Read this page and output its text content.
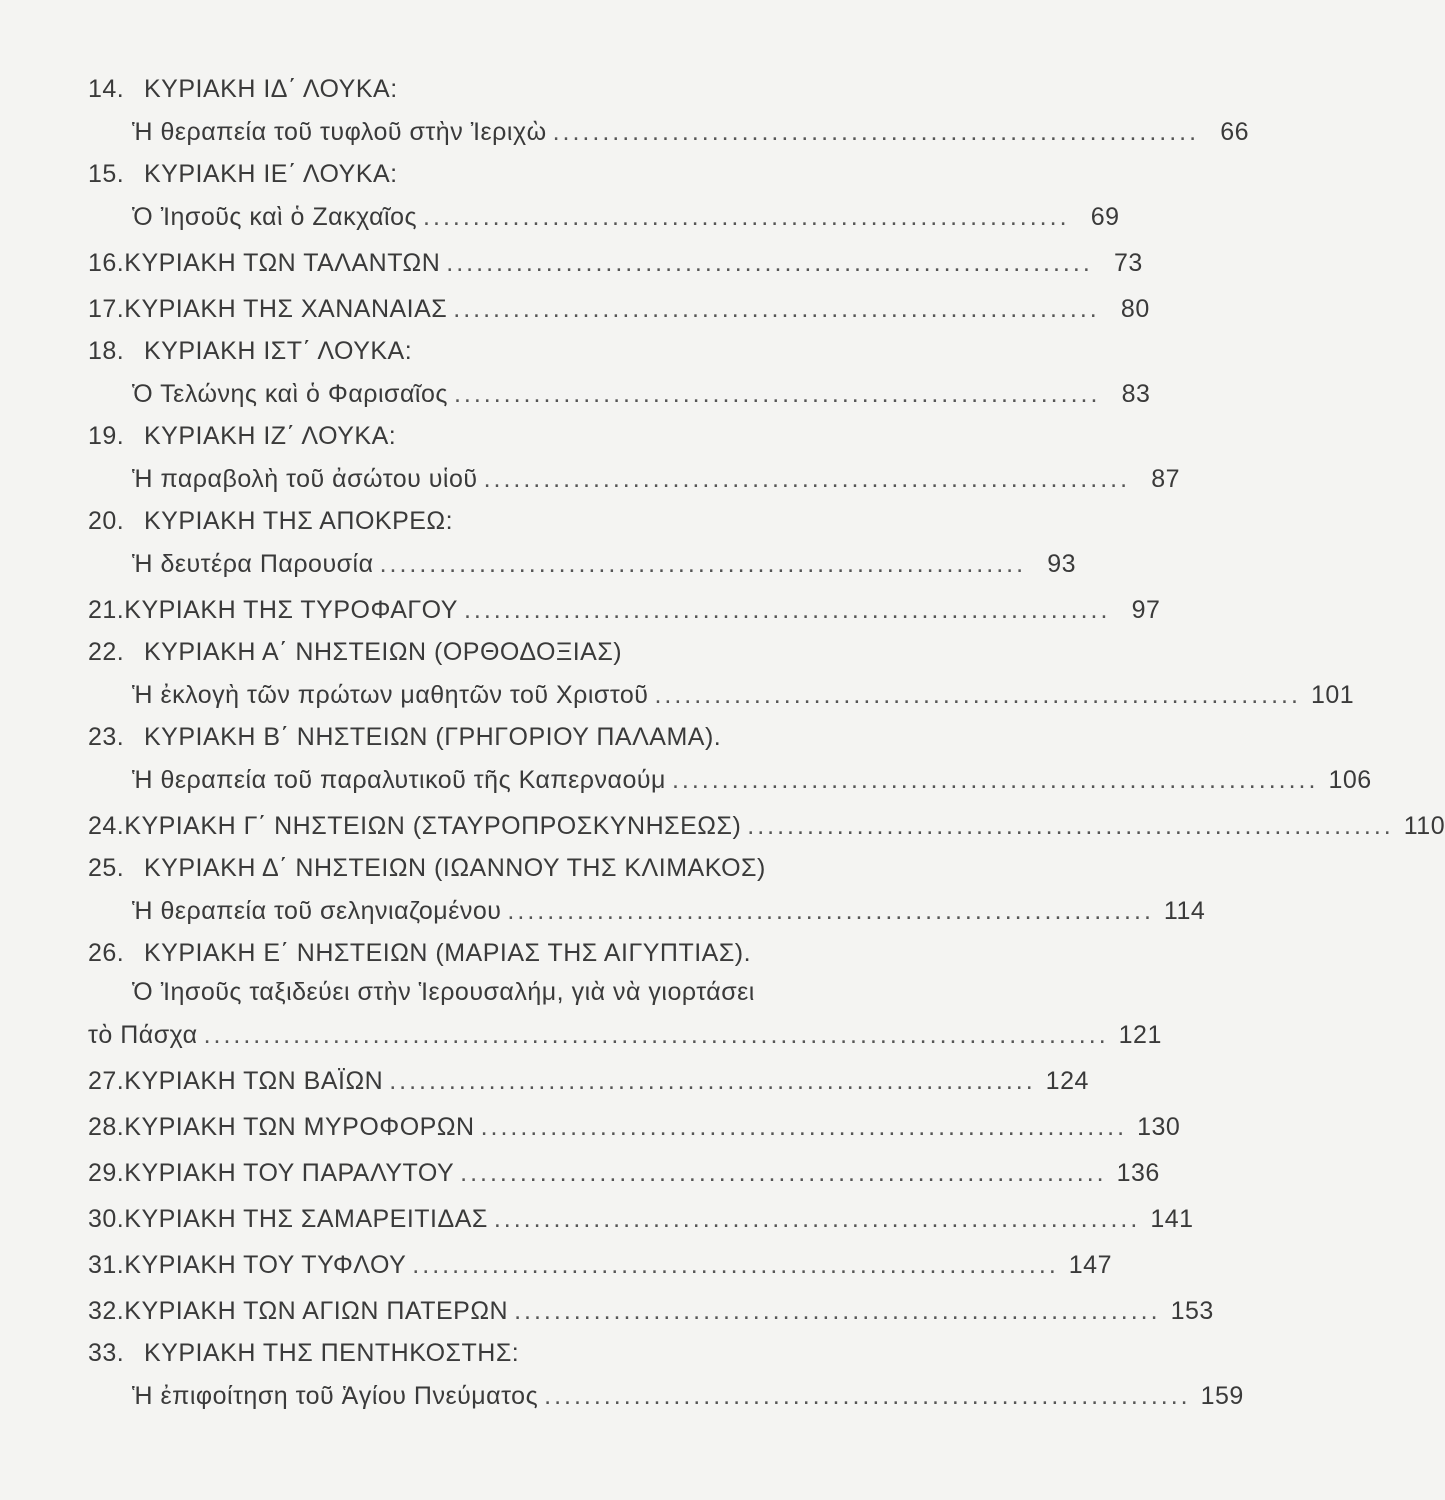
14. ΚΥΡΙΑΚΗ ΙΔ΄ ΛΟΥΚΑ:
Ἡ θεραπεία τοῦ τυφλοῦ στὴν Ἰεριχὼ ................................................................. 66
15. ΚΥΡΙΑΚΗ ΙΕ΄ ΛΟΥΚΑ:
Ὁ Ἰησοῦς καὶ ὁ Ζακχαῖος ................................................................. 69
16. ΚΥΡΙΑΚΗ ΤΩΝ ΤΑΛΑΝΤΩΝ ................................................................. 73
17. ΚΥΡΙΑΚΗ ΤΗΣ ΧΑΝΑΝΑΙΑΣ ................................................................. 80
18. ΚΥΡΙΑΚΗ ΙΣΤ΄ ΛΟΥΚΑ:
Ὁ Τελώνης καὶ ὁ Φαρισαῖος ................................................................. 83
19. ΚΥΡΙΑΚΗ ΙΖ΄ ΛΟΥΚΑ:
Ἡ παραβολὴ τοῦ ἀσώτου υἱοῦ ................................................................. 87
20. ΚΥΡΙΑΚΗ ΤΗΣ ΑΠΟΚΡΕΩ:
Ἡ δευτέρα Παρουσία ................................................................. 93
21. ΚΥΡΙΑΚΗ ΤΗΣ ΤΥΡΟΦΑΓΟΥ ................................................................. 97
22. ΚΥΡΙΑΚΗ Α΄ ΝΗΣΤΕΙΩΝ (ΟΡΘΟΔΟΞΙΑΣ)
Ἡ ἐκλογὴ τῶν πρώτων μαθητῶν τοῦ Χριστοῦ ................................................................. 101
23. ΚΥΡΙΑΚΗ Β΄ ΝΗΣΤΕΙΩΝ (ΓΡΗΓΟΡΙΟΥ ΠΑΛΑΜΑ).
Ἡ θεραπεία τοῦ παραλυτικοῦ τῆς Καπερναούμ ................................................................. 106
24. ΚΥΡΙΑΚΗ Γ΄ ΝΗΣΤΕΙΩΝ (ΣΤΑΥΡΟΠΡΟΣΚΥΝΗΣΕΩΣ) ................................................................. 110
25. ΚΥΡΙΑΚΗ Δ΄ ΝΗΣΤΕΙΩΝ (ΙΩΑΝΝΟΥ ΤΗΣ ΚΛΙΜΑΚΟΣ)
Ἡ θεραπεία τοῦ σεληνιαζομένου ................................................................. 114
26. ΚΥΡΙΑΚΗ Ε΄ ΝΗΣΤΕΙΩΝ (ΜΑΡΙΑΣ ΤΗΣ ΑΙΓΥΠΤΙΑΣ).
Ὁ Ἰησοῦς ταξιδεύει στὴν Ἱερουσαλήμ, γιὰ νὰ γιορτάσει
τὸ Πάσχα ........................................................................................... 121
27. ΚΥΡΙΑΚΗ ΤΩΝ ΒΑΪΩΝ ................................................................. 124
28. ΚΥΡΙΑΚΗ ΤΩΝ ΜΥΡΟΦΟΡΩΝ ................................................................. 130
29. ΚΥΡΙΑΚΗ ΤΟΥ ΠΑΡΑΛΥΤΟΥ ................................................................. 136
30. ΚΥΡΙΑΚΗ ΤΗΣ ΣΑΜΑΡΕΙΤΙΔΑΣ ................................................................. 141
31. ΚΥΡΙΑΚΗ ΤΟΥ ΤΥΦΛΟΥ ................................................................. 147
32. ΚΥΡΙΑΚΗ ΤΩΝ ΑΓΙΩΝ ΠΑΤΕΡΩΝ ................................................................. 153
33. ΚΥΡΙΑΚΗ ΤΗΣ ΠΕΝΤΗΚΟΣΤΗΣ:
Ἡ ἐπιφοίτηση τοῦ Ἁγίου Πνεύματος ................................................................. 159
